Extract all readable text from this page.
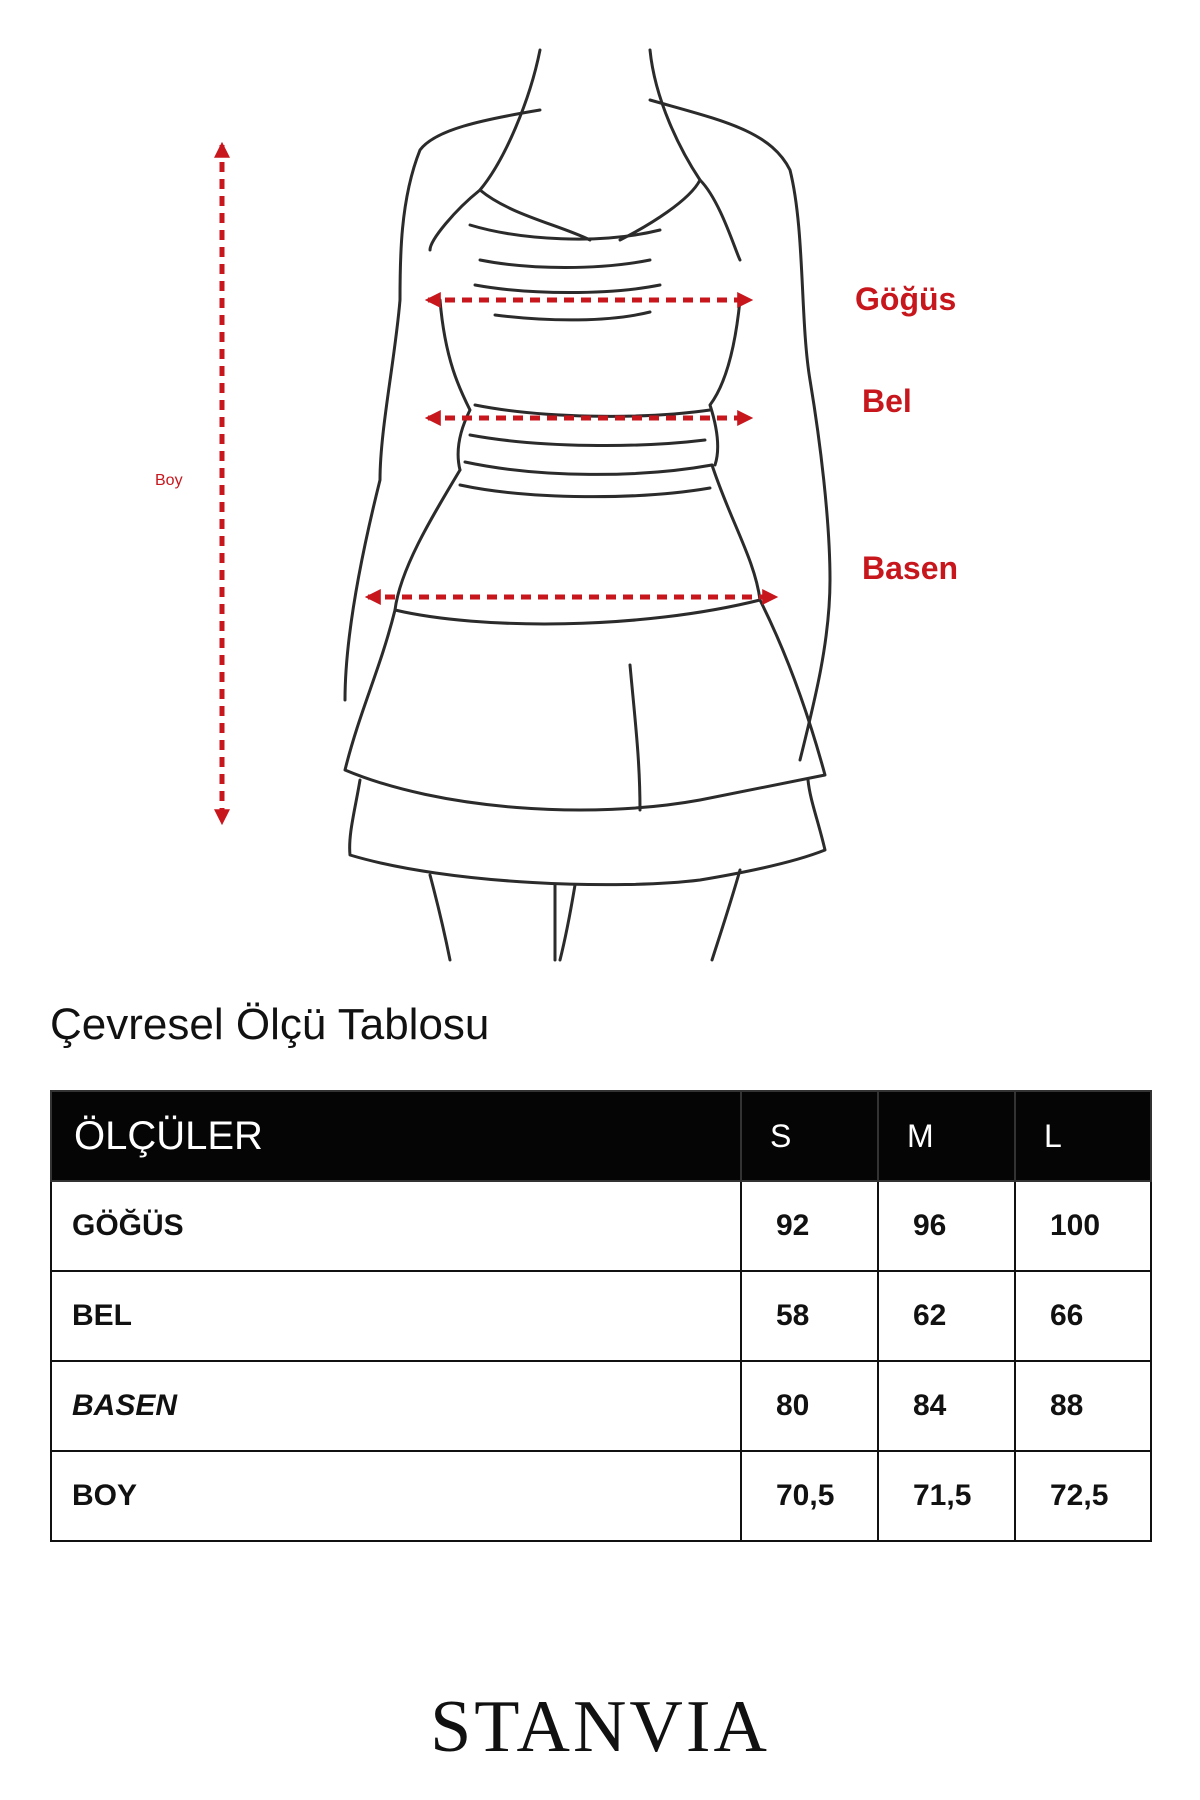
Göğüs
Bel
Basen
Boy
Çevresel Ölçü Tablosu
ÖLÇÜLER	S	M	L
GÖĞÜS	92	96	100
BEL	58	62	66
BASEN	80	84	88
BOY	70,5	71,5	72,5
STANVIA
